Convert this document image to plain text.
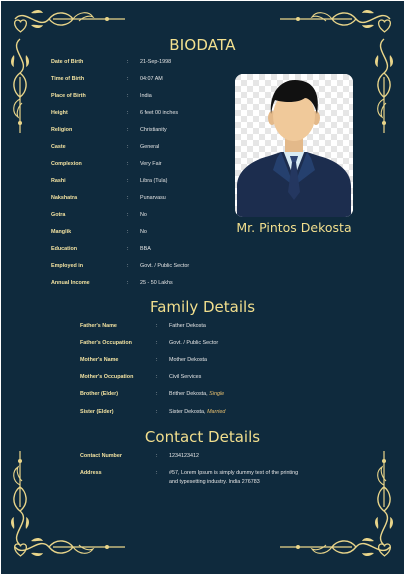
BIODATA
Date of Birth	: 21-Sep-1998
Time of Birth	: 04:07 AM
Place of Birth	: India
Height	: 6 feet 00 inches
Religion	: Christianity
Caste	: General
Complexion	: Very Fair
Rashi	: Libra (Tula)
Nakshatra	: Punarvasu
Gotra	: No
Manglik	: No
Education	: BBA
Employed in	: Govt. / Public Sector
Annual Income	: 25 - 50 Lakhs
Mr. Pintos Dekosta
Family Details
Father's Name	: Father Dekosta
Father's Occupation	: Govt. / Public Sector
Mother's Name	: Mother Dekosta
Mother's Occupation	: Civil Services
Brother (Elder)	: Brither Dekosta, Single
Sister (Elder)	: Sister Dekosta, Married
Contact Details
Contact Number	: 1234123412
Address	: #57, Lorem Ipsum is simply dummy text of the printing
and typesetting industry. India 276783
